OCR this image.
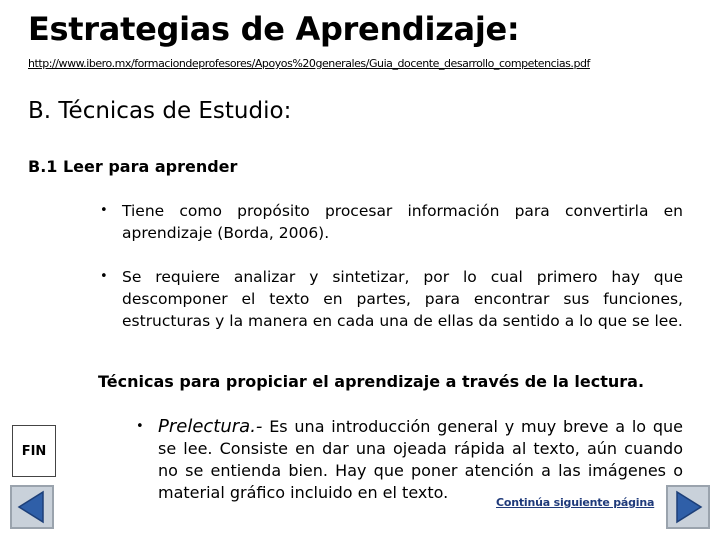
Estrategias de Aprendizaje:
http://www.ibero.mx/formaciondeprofesores/Apoyos%20generales/Guia_docente_desarrollo_competencias.pdf
B. Técnicas de Estudio:
B.1 Leer para aprender
• Tiene como propósito procesar información para convertirla en aprendizaje (Borda, 2006).
• Se requiere analizar y sintetizar, por lo cual primero hay que descomponer el texto en partes, para encontrar sus funciones, estructuras y la manera en cada una de ellas da sentido a lo que se lee.
Técnicas para propiciar el aprendizaje a través de la lectura.
• Prelectura.- Es una introducción general y muy breve a lo que se lee. Consiste en dar una ojeada rápida al texto, aún cuando no se entienda bien. Hay que poner atención a las imágenes o material gráfico incluido en el texto.
FIN
Continúa siguiente página
